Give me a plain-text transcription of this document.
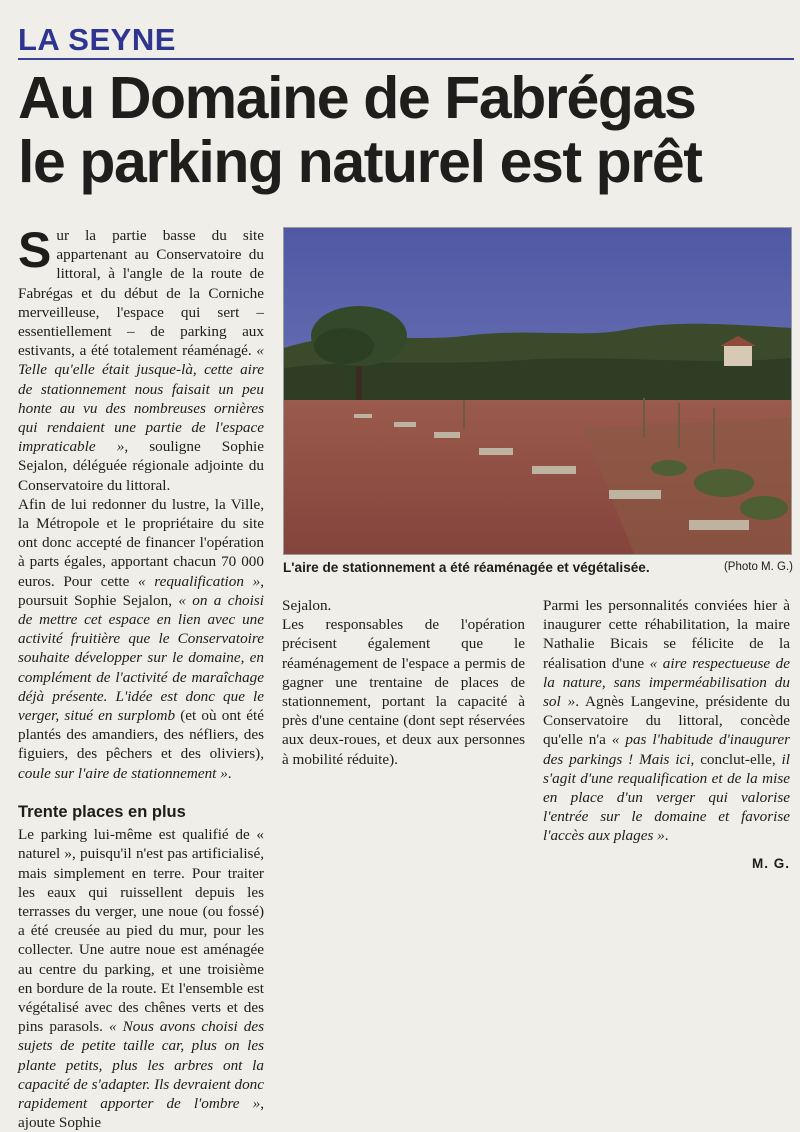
LA SEYNE
Au Domaine de Fabrégas
le parking naturel est prêt
L'aire de stationnement a été réaménagée et végétalisée.	(Photo M. G.)

Sur la partie basse du site appartenant au Conservatoire du littoral, à l'angle de la route de Fabrégas et du début de la Corniche merveilleuse, l'espace qui sert – essentiellement – de parking aux estivants, a été totalement réaménagé. « Telle qu'elle était jusque-là, cette aire de stationnement nous faisait un peu honte au vu des nombreuses ornières qui rendaient une partie de l'espace impraticable », souligne Sophie Sejalon, déléguée régionale adjointe du Conservatoire du littoral.

Afin de lui redonner du lustre, la Ville, la Métropole et le propriétaire du site ont donc accepté de financer l'opération à parts égales, apportant chacun 70 000 euros. Pour cette « requalification », poursuit Sophie Sejalon, « on a choisi de mettre cet espace en lien avec une activité fruitière que le Conservatoire souhaite développer sur le domaine, en complément de l'activité de maraîchage déjà présente. L'idée est donc que le verger, situé en surplomb (et où ont été plantés des amandiers, des néfliers, des figuiers, des pêchers et des oliviers), coule sur l'aire de stationnement ».

Trente places en plus

Le parking lui-même est qualifié de « naturel », puisqu'il n'est pas artificialisé, mais simplement en terre. Pour traiter les eaux qui ruissellent depuis les terrasses du verger, une noue (ou fossé) a été creusée au pied du mur, pour les collecter. Une autre noue est aménagée au centre du parking, et une troisième en bordure de la route. Et l'ensemble est végétalisé avec des chênes verts et des pins parasols. « Nous avons choisi des sujets de petite taille car, plus on les plante petits, plus les arbres ont la capacité de s'adapter. Ils devraient donc rapidement apporter de l'ombre », ajoute Sophie

Sejalon.

Les responsables de l'opération précisent également que le réaménagement de l'espace a permis de gagner une trentaine de places de stationnement, portant la capacité à près d'une centaine (dont sept réservées aux deux-roues, et deux aux personnes à mobilité réduite).

Parmi les personnalités conviées hier à inaugurer cette réhabilitation, la maire Nathalie Bicais se félicite de la réalisation d'une « aire respectueuse de la nature, sans imperméabilisation du sol ». Agnès Langevine, présidente du Conservatoire du littoral, concède qu'elle n'a « pas l'habitude d'inaugurer des parkings ! Mais ici, conclut-elle, il s'agit d'une requalification et de la mise en place d'un verger qui valorise l'entrée sur le domaine et favorise l'accès aux plages ».

M. G.
